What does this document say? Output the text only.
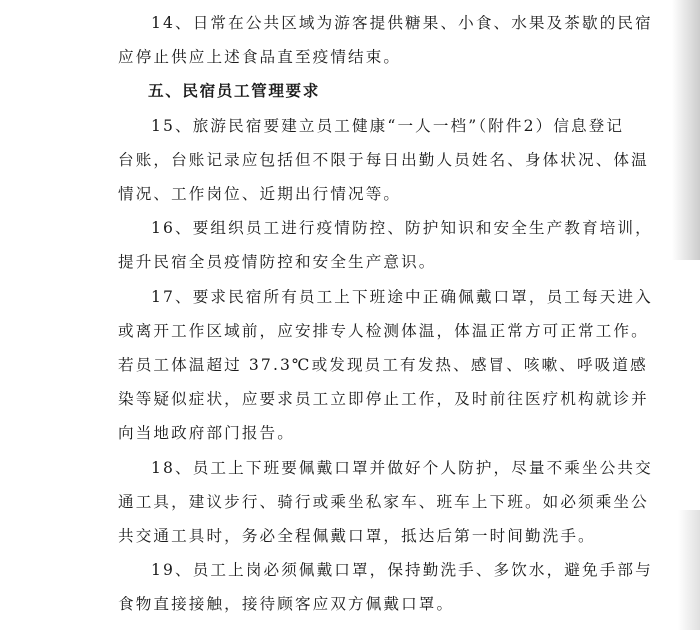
14、日常在公共区域为游客提供糖果、小食、水果及茶歇的民宿

应停止供应上述食品直至疫情结束。

五、民宿员工管理要求

15、旅游民宿要建立员工健康“一人一档”（附件2）信息登记

台账，台账记录应包括但不限于每日出勤人员姓名、身体状况、体温

情况、工作岗位、近期出行情况等。

16、要组织员工进行疫情防控、防护知识和安全生产教育培训，

提升民宿全员疫情防控和安全生产意识。

17、要求民宿所有员工上下班途中正确佩戴口罩，员工每天进入

或离开工作区域前，应安排专人检测体温，体温正常方可正常工作。

若员工体温超过 37.3℃或发现员工有发热、感冒、咳嗽、呼吸道感

染等疑似症状，应要求员工立即停止工作，及时前往医疗机构就诊并

向当地政府部门报告。

18、员工上下班要佩戴口罩并做好个人防护，尽量不乘坐公共交

通工具，建议步行、骑行或乘坐私家车、班车上下班。如必须乘坐公

共交通工具时，务必全程佩戴口罩，抵达后第一时间勤洗手。

19、员工上岗必须佩戴口罩，保持勤洗手、多饮水，避免手部与

食物直接接触，接待顾客应双方佩戴口罩。
